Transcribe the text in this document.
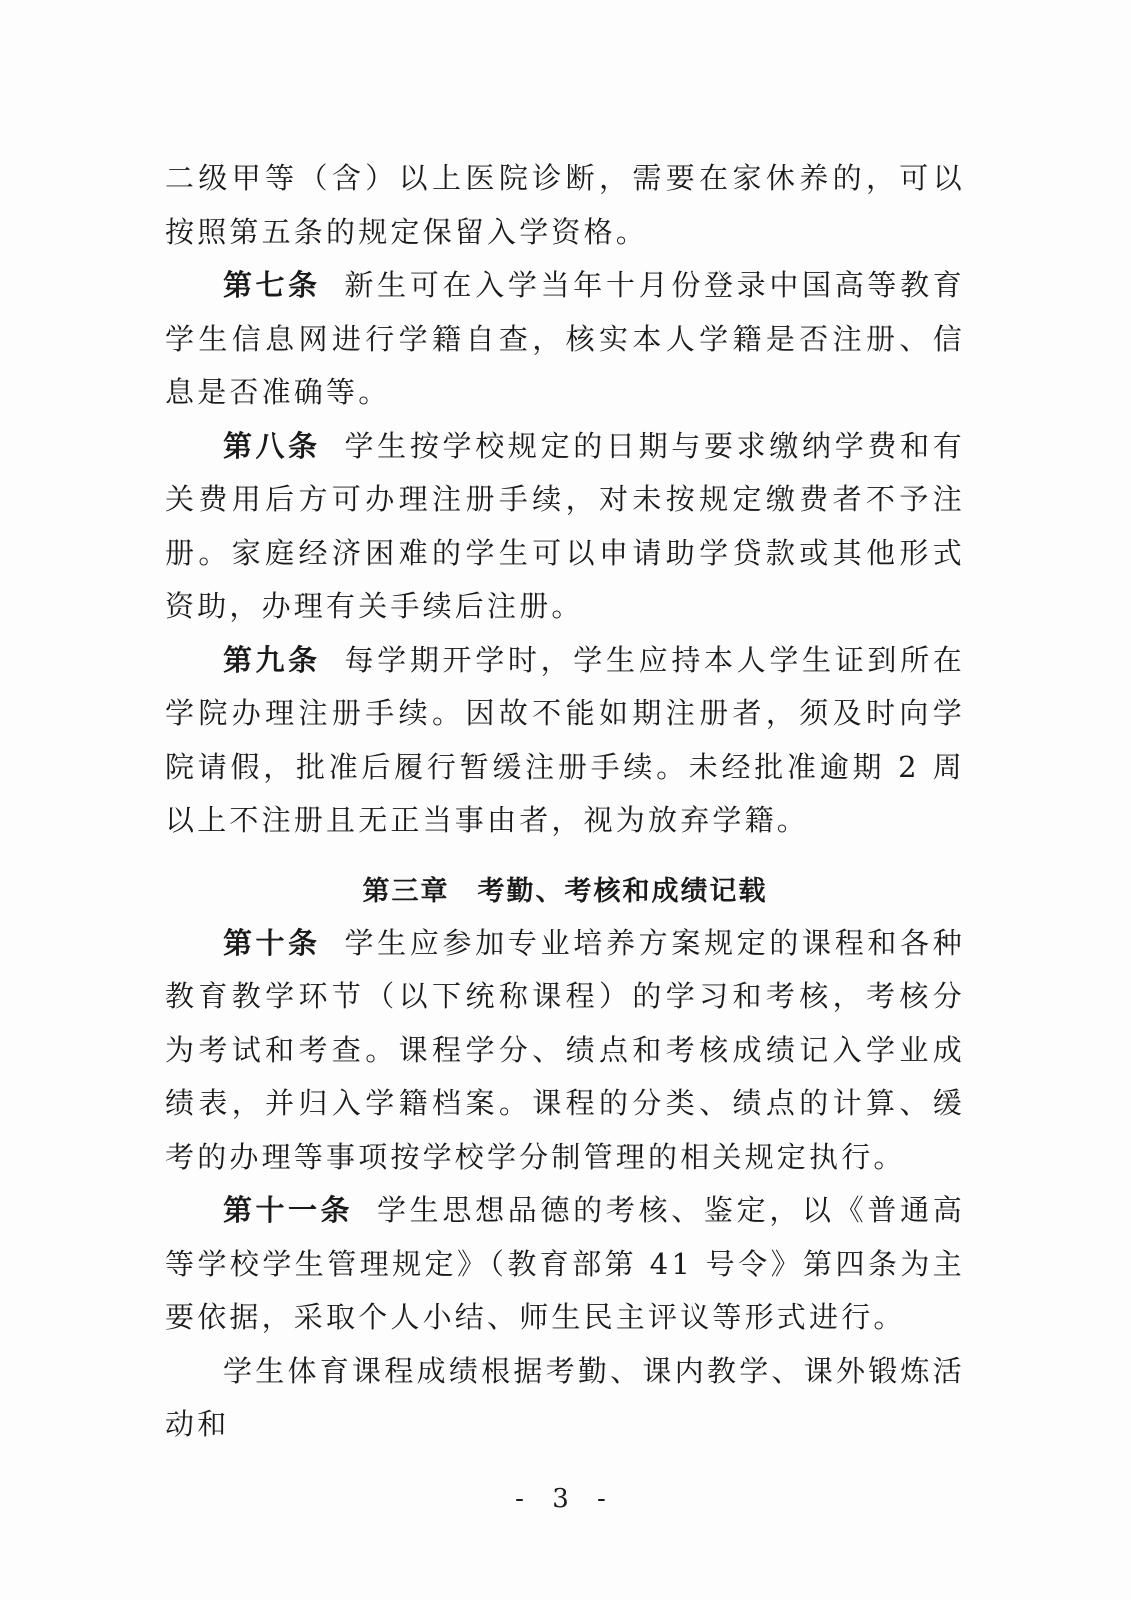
二级甲等（含）以上医院诊断，需要在家休养的，可以按照第五条的规定保留入学资格。

第七条 新生可在入学当年十月份登录中国高等教育学生信息网进行学籍自查，核实本人学籍是否注册、信息是否准确等。

第八条 学生按学校规定的日期与要求缴纳学费和有关费用后方可办理注册手续，对未按规定缴费者不予注册。家庭经济困难的学生可以申请助学贷款或其他形式资助，办理有关手续后注册。

第九条 每学期开学时，学生应持本人学生证到所在学院办理注册手续。因故不能如期注册者，须及时向学院请假，批准后履行暂缓注册手续。未经批准逾期 2 周以上不注册且无正当事由者，视为放弃学籍。

第三章 考勤、考核和成绩记载

第十条 学生应参加专业培养方案规定的课程和各种教育教学环节（以下统称课程）的学习和考核，考核分为考试和考查。课程学分、绩点和考核成绩记入学业成绩表，并归入学籍档案。课程的分类、绩点的计算、缓考的办理等事项按学校学分制管理的相关规定执行。

第十一条 学生思想品德的考核、鉴定，以《普通高等学校学生管理规定》（教育部第 41 号令》第四条为主要依据，采取个人小结、师生民主评议等形式进行。

学生体育课程成绩根据考勤、课内教学、课外锻炼活动和

- 3 -
